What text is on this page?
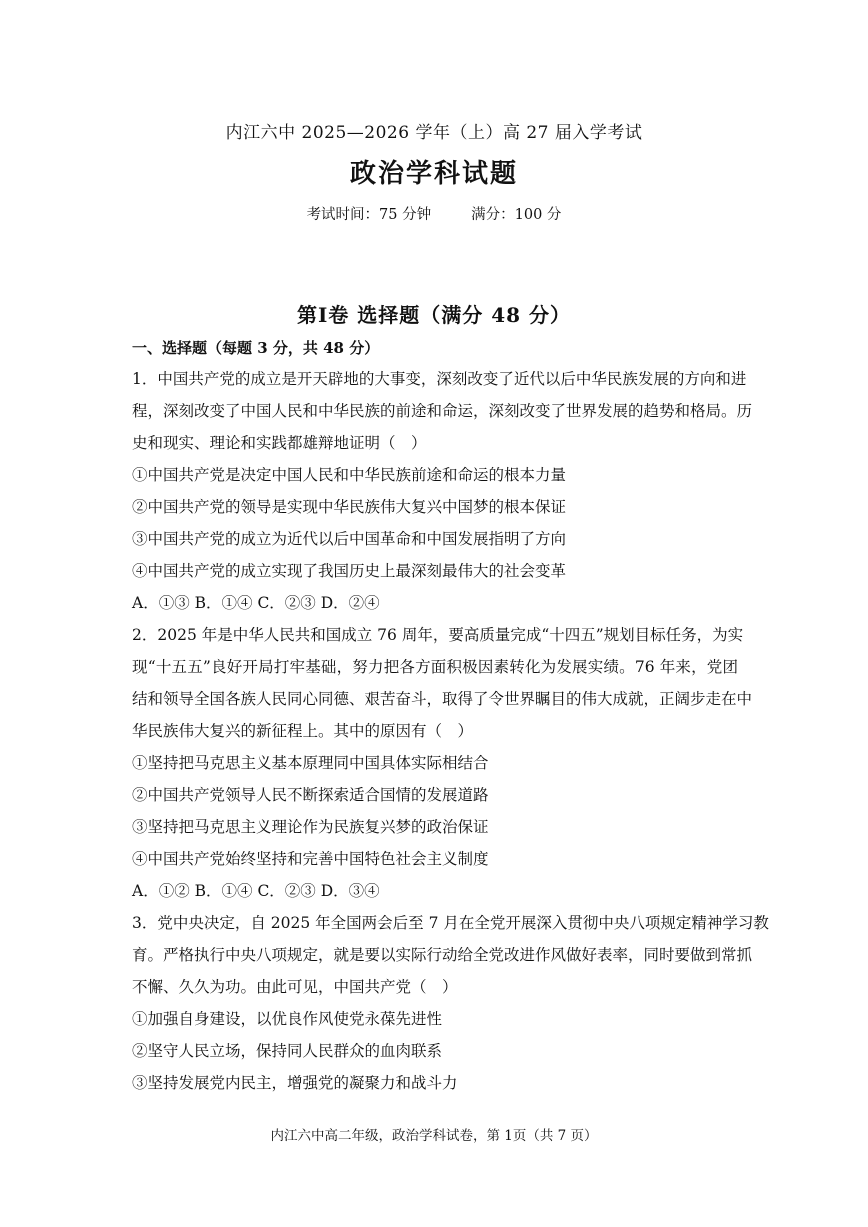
内江六中 2025—2026 学年（上）高 27 届入学考试
政治学科试题
考试时间：75 分钟	满分：100 分
第Ⅰ卷 选择题（满分 48 分）
一、选择题（每题 3 分，共 48 分）
1．中国共产党的成立是开天辟地的大事变，深刻改变了近代以后中华民族发展的方向和进
程，深刻改变了中国人民和中华民族的前途和命运，深刻改变了世界发展的趋势和格局。历
史和现实、理论和实践都雄辩地证明（　）
①中国共产党是决定中国人民和中华民族前途和命运的根本力量
②中国共产党的领导是实现中华民族伟大复兴中国梦的根本保证
③中国共产党的成立为近代以后中国革命和中国发展指明了方向
④中国共产党的成立实现了我国历史上最深刻最伟大的社会变革
A．①③ B．①④ C．②③ D．②④
2．2025 年是中华人民共和国成立 76 周年，要高质量完成“十四五”规划目标任务，为实
现“十五五”良好开局打牢基础，努力把各方面积极因素转化为发展实绩。76 年来，党团
结和领导全国各族人民同心同德、艰苦奋斗，取得了令世界瞩目的伟大成就，正阔步走在中
华民族伟大复兴的新征程上。其中的原因有（　）
①坚持把马克思主义基本原理同中国具体实际相结合
②中国共产党领导人民不断探索适合国情的发展道路
③坚持把马克思主义理论作为民族复兴梦的政治保证
④中国共产党始终坚持和完善中国特色社会主义制度
A．①② B．①④ C．②③ D．③④
3．党中央决定，自 2025 年全国两会后至 7 月在全党开展深入贯彻中央八项规定精神学习教
育。严格执行中央八项规定，就是要以实际行动给全党改进作风做好表率，同时要做到常抓
不懈、久久为功。由此可见，中国共产党（　）
①加强自身建设，以优良作风使党永葆先进性
②坚守人民立场，保持同人民群众的血肉联系
③坚持发展党内民主，增强党的凝聚力和战斗力
内江六中高二年级，政治学科试卷，第 1页（共 7 页）
